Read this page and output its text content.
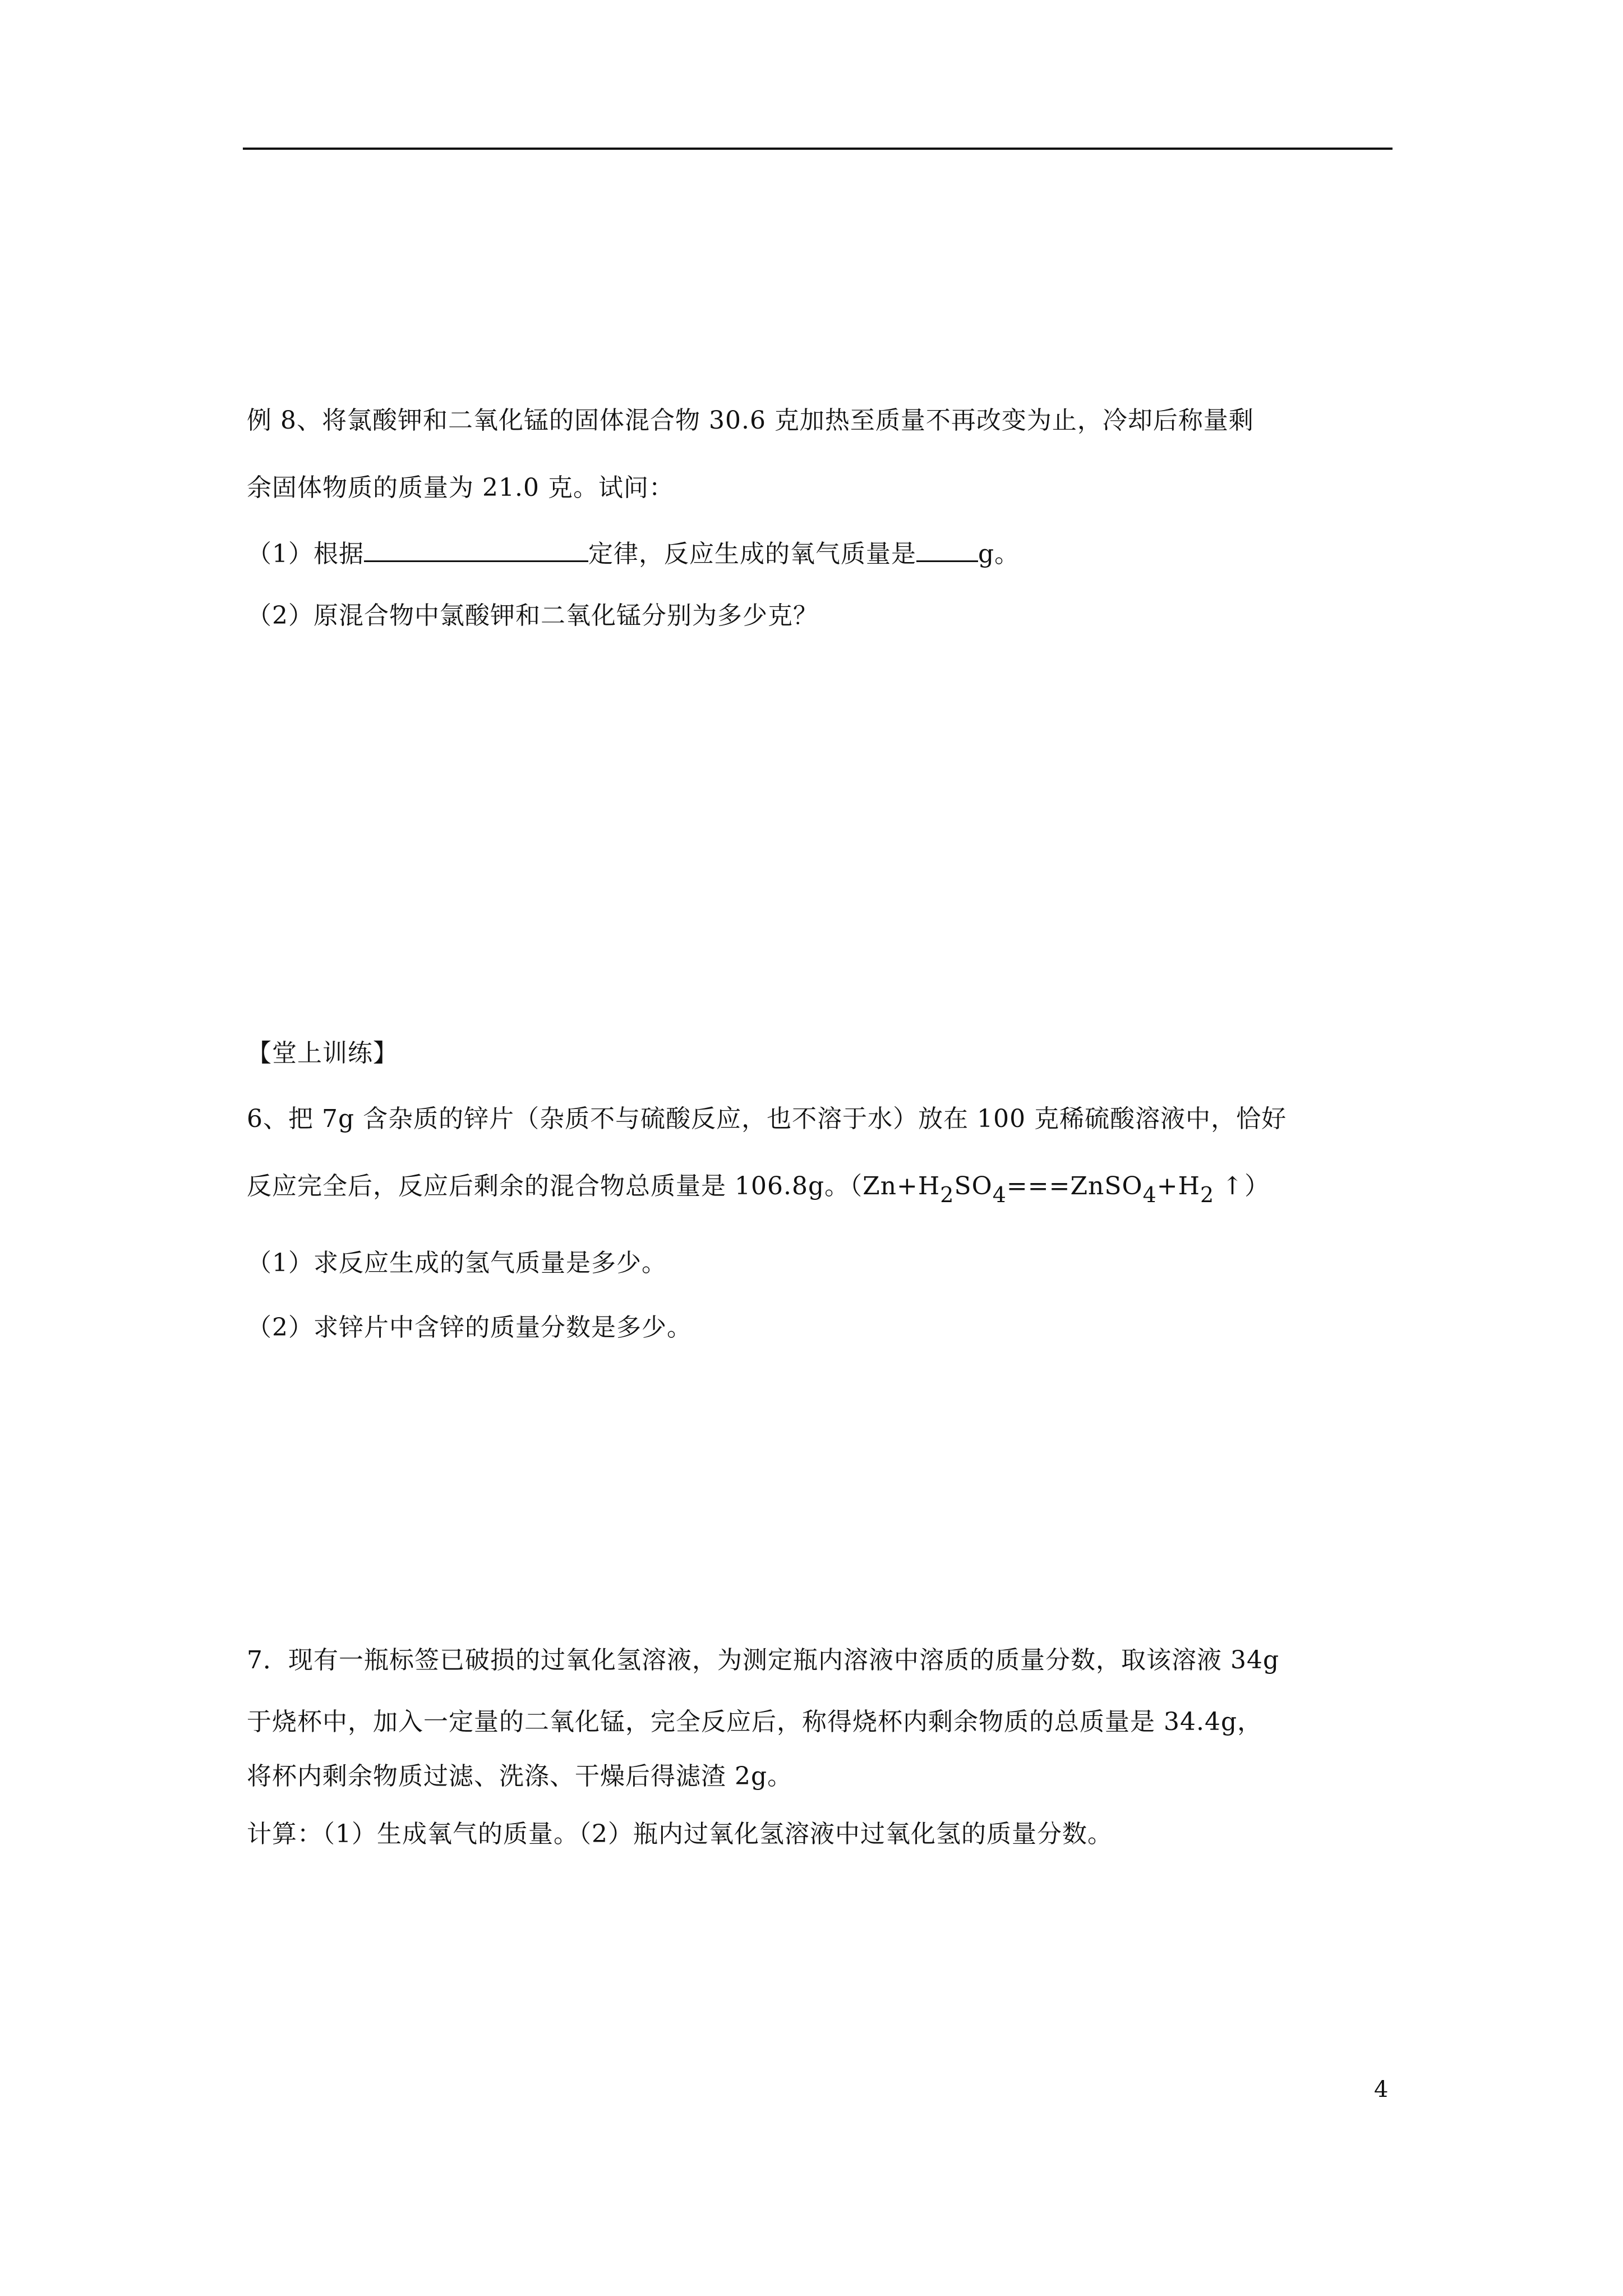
例 8、将氯酸钾和二氧化锰的固体混合物 30.6 克加热至质量不再改变为止，冷却后称量剩
余固体物质的质量为 21.0 克。试问：
（1）根据	定律，反应生成的氧气质量是	g。
（2）原混合物中氯酸钾和二氧化锰分别为多少克？
【堂上训练】
6、把 7g 含杂质的锌片（杂质不与硫酸反应，也不溶于水）放在 100 克稀硫酸溶液中，恰好
反应完全后，反应后剩余的混合物总质量是 106.8g。（$Zn+H_2SO_4===ZnSO_4+H_2$ ↑）
（1）求反应生成的氢气质量是多少。
（2）求锌片中含锌的质量分数是多少。
7．现有一瓶标签已破损的过氧化氢溶液，为测定瓶内溶液中溶质的质量分数，取该溶液 34g
于烧杯中，加入一定量的二氧化锰，完全反应后，称得烧杯内剩余物质的总质量是 34.4g，
将杯内剩余物质过滤、洗涤、干燥后得滤渣 2g。
计算：（1）生成氧气的质量。（2）瓶内过氧化氢溶液中过氧化氢的质量分数。
4
